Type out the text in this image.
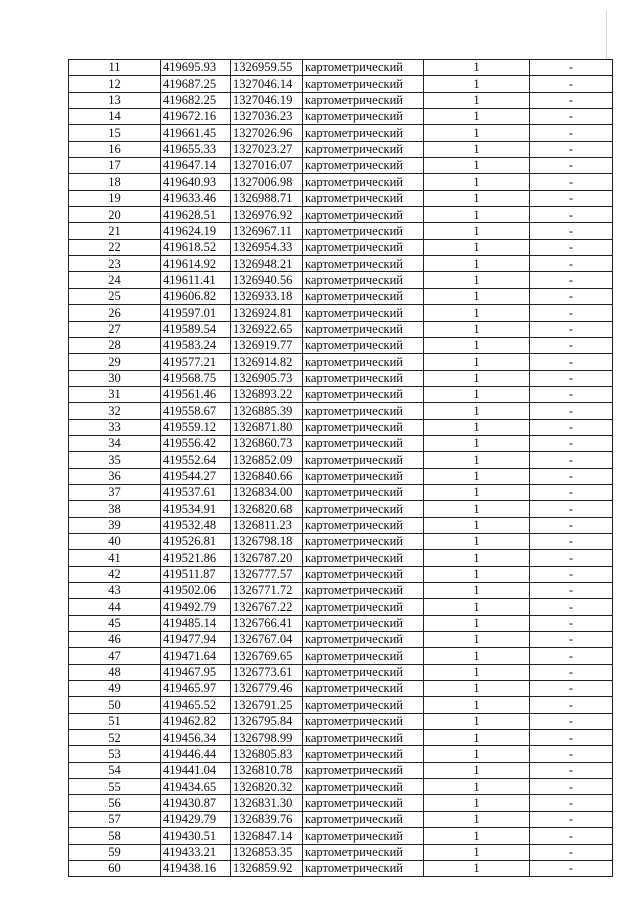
11	419695.93	1326959.55	картометрический	1	-
12	419687.25	1327046.14	картометрический	1	-
13	419682.25	1327046.19	картометрический	1	-
14	419672.16	1327036.23	картометрический	1	-
15	419661.45	1327026.96	картометрический	1	-
16	419655.33	1327023.27	картометрический	1	-
17	419647.14	1327016.07	картометрический	1	-
18	419640.93	1327006.98	картометрический	1	-
19	419633.46	1326988.71	картометрический	1	-
20	419628.51	1326976.92	картометрический	1	-
21	419624.19	1326967.11	картометрический	1	-
22	419618.52	1326954.33	картометрический	1	-
23	419614.92	1326948.21	картометрический	1	-
24	419611.41	1326940.56	картометрический	1	-
25	419606.82	1326933.18	картометрический	1	-
26	419597.01	1326924.81	картометрический	1	-
27	419589.54	1326922.65	картометрический	1	-
28	419583.24	1326919.77	картометрический	1	-
29	419577.21	1326914.82	картометрический	1	-
30	419568.75	1326905.73	картометрический	1	-
31	419561.46	1326893.22	картометрический	1	-
32	419558.67	1326885.39	картометрический	1	-
33	419559.12	1326871.80	картометрический	1	-
34	419556.42	1326860.73	картометрический	1	-
35	419552.64	1326852.09	картометрический	1	-
36	419544.27	1326840.66	картометрический	1	-
37	419537.61	1326834.00	картометрический	1	-
38	419534.91	1326820.68	картометрический	1	-
39	419532.48	1326811.23	картометрический	1	-
40	419526.81	1326798.18	картометрический	1	-
41	419521.86	1326787.20	картометрический	1	-
42	419511.87	1326777.57	картометрический	1	-
43	419502.06	1326771.72	картометрический	1	-
44	419492.79	1326767.22	картометрический	1	-
45	419485.14	1326766.41	картометрический	1	-
46	419477.94	1326767.04	картометрический	1	-
47	419471.64	1326769.65	картометрический	1	-
48	419467.95	1326773.61	картометрический	1	-
49	419465.97	1326779.46	картометрический	1	-
50	419465.52	1326791.25	картометрический	1	-
51	419462.82	1326795.84	картометрический	1	-
52	419456.34	1326798.99	картометрический	1	-
53	419446.44	1326805.83	картометрический	1	-
54	419441.04	1326810.78	картометрический	1	-
55	419434.65	1326820.32	картометрический	1	-
56	419430.87	1326831.30	картометрический	1	-
57	419429.79	1326839.76	картометрический	1	-
58	419430.51	1326847.14	картометрический	1	-
59	419433.21	1326853.35	картометрический	1	-
60	419438.16	1326859.92	картометрический	1	-
